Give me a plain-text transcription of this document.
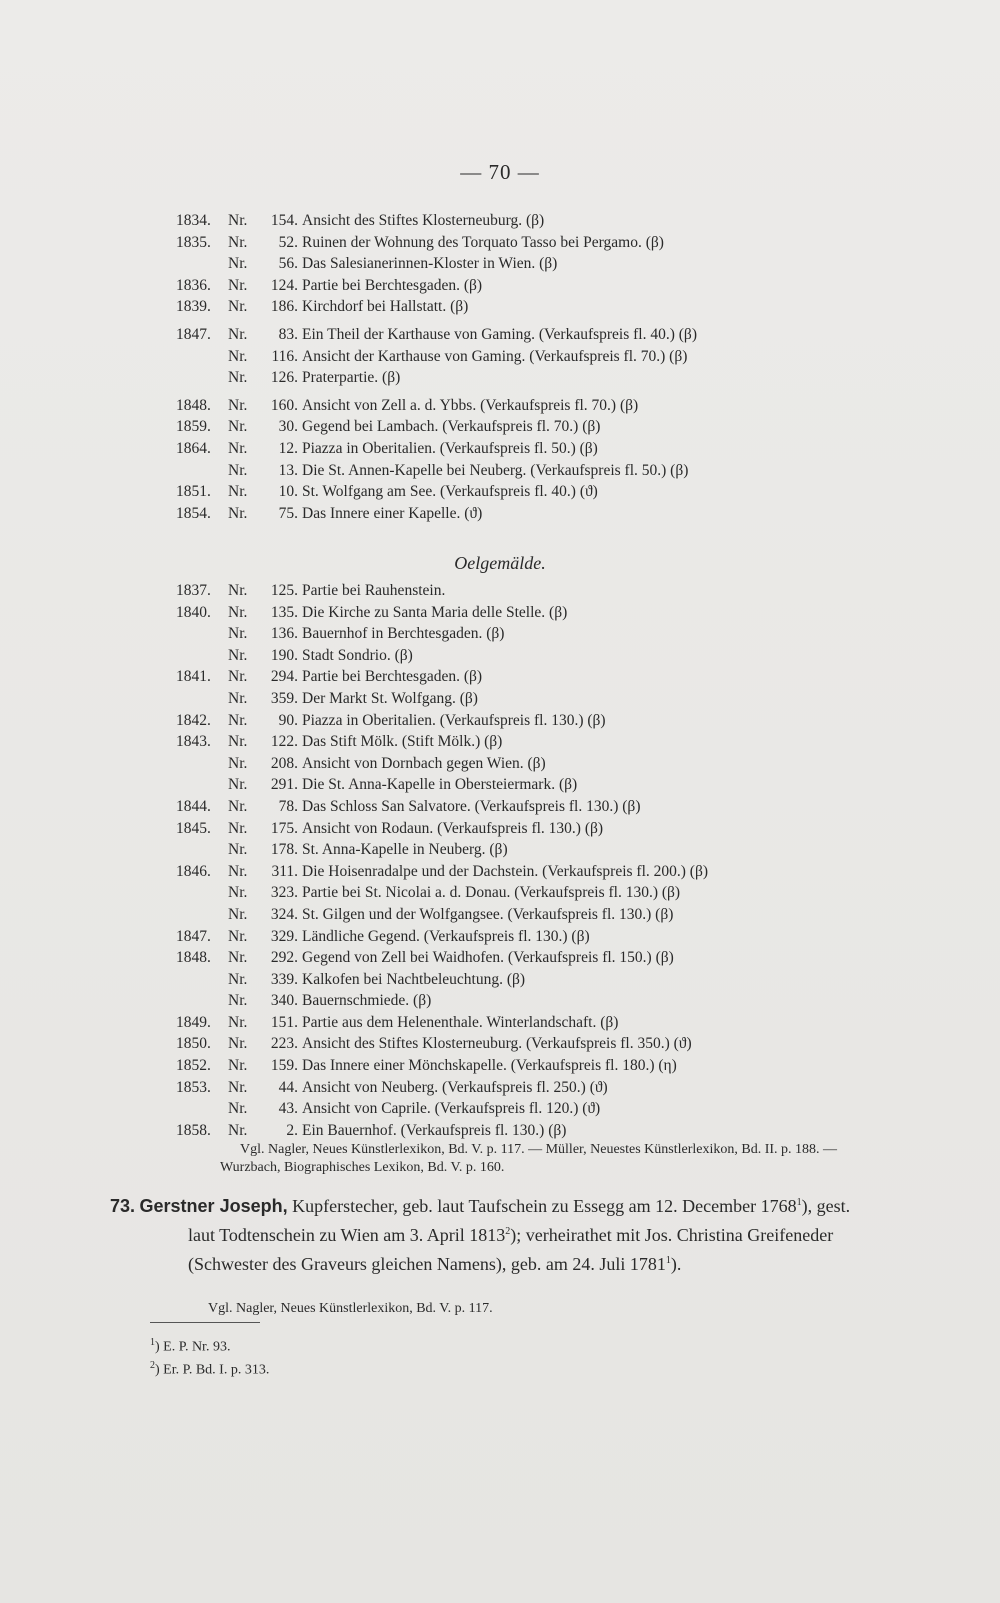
— 70 —
1834.	Nr.	154. Ansicht des Stiftes Klosterneuburg. (β)
1835.	Nr.	52. Ruinen der Wohnung des Torquato Tasso bei Pergamo. (β)
Nr.	56. Das Salesianerinnen-Kloster in Wien. (β)
1836.	Nr.	124. Partie bei Berchtesgaden. (β)
1839.	Nr.	186. Kirchdorf bei Hallstatt. (β)
1847.	Nr.	83. Ein Theil der Karthause von Gaming. (Verkaufspreis fl. 40.) (β)
Nr.	116. Ansicht der Karthause von Gaming. (Verkaufspreis fl. 70.) (β)
Nr.	126. Praterpartie. (β)
1848.	Nr.	160. Ansicht von Zell a. d. Ybbs. (Verkaufspreis fl. 70.) (β)
1859.	Nr.	30. Gegend bei Lambach. (Verkaufspreis fl. 70.) (β)
1864.	Nr.	12. Piazza in Oberitalien. (Verkaufspreis fl. 50.) (β)
Nr.	13. Die St. Annen-Kapelle bei Neuberg. (Verkaufspreis fl. 50.) (β)
1851.	Nr.	10. St. Wolfgang am See. (Verkaufspreis fl. 40.) (ϑ)
1854.	Nr.	75. Das Innere einer Kapelle. (ϑ)
Oelgemälde.
1837.	Nr.	125. Partie bei Rauhenstein.
1840.	Nr.	135. Die Kirche zu Santa Maria delle Stelle. (β)
Nr.	136. Bauernhof in Berchtesgaden. (β)
Nr.	190. Stadt Sondrio. (β)
1841.	Nr.	294. Partie bei Berchtesgaden. (β)
Nr.	359. Der Markt St. Wolfgang. (β)
1842.	Nr.	90. Piazza in Oberitalien. (Verkaufspreis fl. 130.) (β)
1843.	Nr.	122. Das Stift Mölk. (Stift Mölk.) (β)
Nr.	208. Ansicht von Dornbach gegen Wien. (β)
Nr.	291. Die St. Anna-Kapelle in Obersteiermark. (β)
1844.	Nr.	78. Das Schloss San Salvatore. (Verkaufspreis fl. 130.) (β)
1845.	Nr.	175. Ansicht von Rodaun. (Verkaufspreis fl. 130.) (β)
Nr.	178. St. Anna-Kapelle in Neuberg. (β)
1846.	Nr.	311. Die Hoisenradalpe und der Dachstein. (Verkaufspreis fl. 200.) (β)
Nr.	323. Partie bei St. Nicolai a. d. Donau. (Verkaufspreis fl. 130.) (β)
Nr.	324. St. Gilgen und der Wolfgangsee. (Verkaufspreis fl. 130.) (β)
1847.	Nr.	329. Ländliche Gegend. (Verkaufspreis fl. 130.) (β)
1848.	Nr.	292. Gegend von Zell bei Waidhofen. (Verkaufspreis fl. 150.) (β)
Nr.	339. Kalkofen bei Nachtbeleuchtung. (β)
Nr.	340. Bauernschmiede. (β)
1849.	Nr.	151. Partie aus dem Helenenthale. Winterlandschaft. (β)
1850.	Nr.	223. Ansicht des Stiftes Klosterneuburg. (Verkaufspreis fl. 350.) (ϑ)
1852.	Nr.	159. Das Innere einer Mönchskapelle. (Verkaufspreis fl. 180.) (η)
1853.	Nr.	44. Ansicht von Neuberg. (Verkaufspreis fl. 250.) (ϑ)
Nr.	43. Ansicht von Caprile. (Verkaufspreis fl. 120.) (ϑ)
1858.	Nr.	2. Ein Bauernhof. (Verkaufspreis fl. 130.) (β)
Vgl. Nagler, Neues Künstlerlexikon, Bd. V. p. 117. — Müller, Neuestes Künstlerlexikon, Bd. II. p. 188. — Wurzbach, Biographisches Lexikon, Bd. V. p. 160.
73. Gerstner Joseph, Kupferstecher, geb. laut Taufschein zu Essegg am 12. December 1768$^1$), gest. laut Todtenschein zu Wien am 3. April 1813$^2$); verheirathet mit Jos. Christina Greifeneder (Schwester des Graveurs gleichen Namens), geb. am 24. Juli 1781$^1$).
Vgl. Nagler, Neues Künstlerlexikon, Bd. V. p. 117.
$^1$) E. P. Nr. 93.
$^2$) Er. P. Bd. I. p. 313.
